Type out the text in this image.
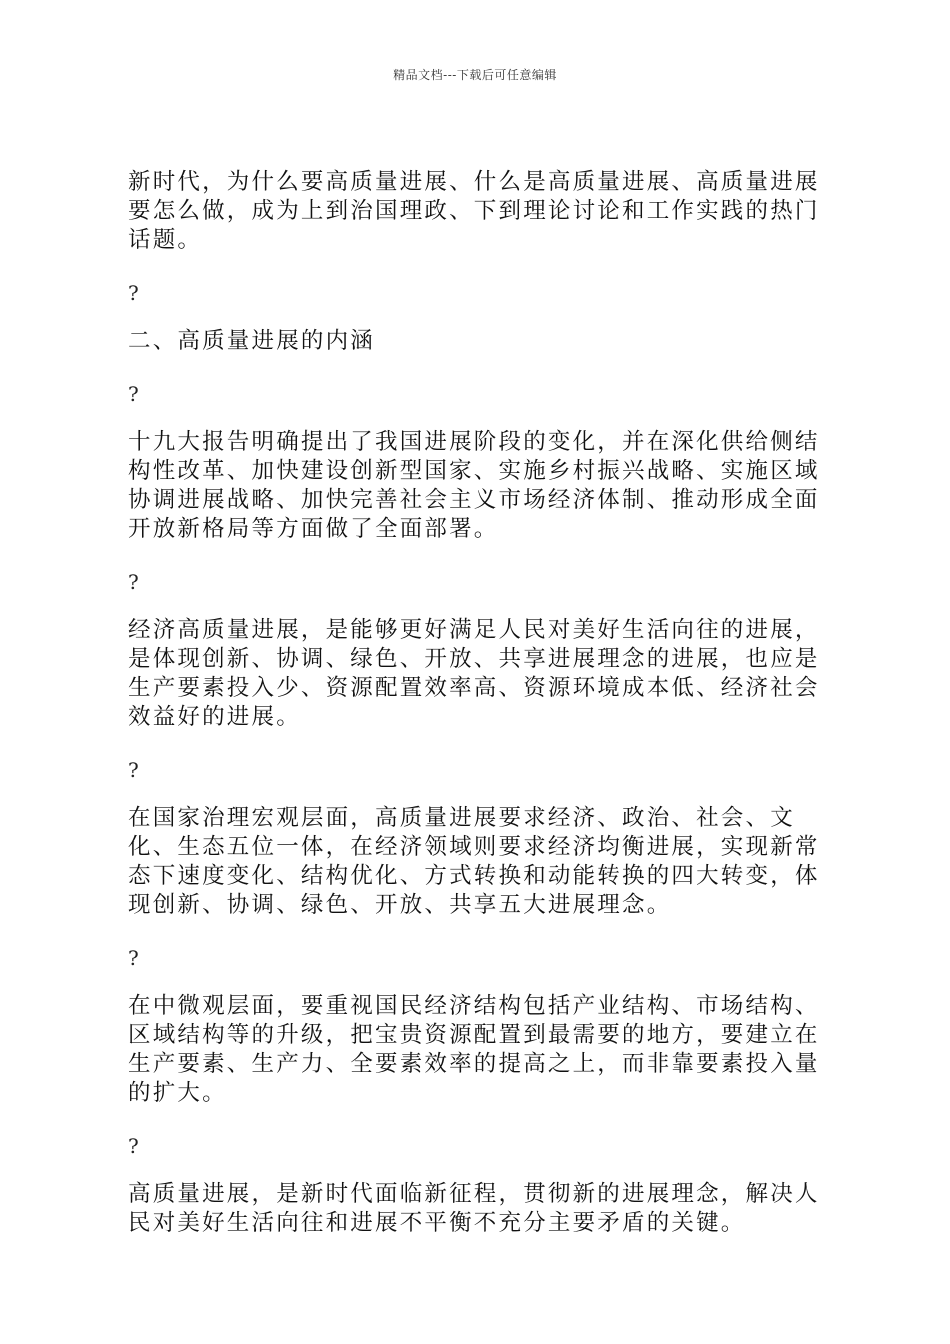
精品文档---下载后可任意编辑

新时代，为什么要高质量进展、什么是高质量进展、高质量进展要怎么做，成为上到治国理政、下到理论讨论和工作实践的热门话题。

?

二、高质量进展的内涵

?

十九大报告明确提出了我国进展阶段的变化，并在深化供给侧结构性改革、加快建设创新型国家、实施乡村振兴战略、实施区域协调进展战略、加快完善社会主义市场经济体制、推动形成全面开放新格局等方面做了全面部署。

?

经济高质量进展，是能够更好满足人民对美好生活向往的进展，是体现创新、协调、绿色、开放、共享进展理念的进展，也应是生产要素投入少、资源配置效率高、资源环境成本低、经济社会效益好的进展。

?

在国家治理宏观层面，高质量进展要求经济、政治、社会、文化、生态五位一体，在经济领域则要求经济均衡进展，实现新常态下速度变化、结构优化、方式转换和动能转换的四大转变，体现创新、协调、绿色、开放、共享五大进展理念。

?

在中微观层面，要重视国民经济结构包括产业结构、市场结构、区域结构等的升级，把宝贵资源配置到最需要的地方，要建立在生产要素、生产力、全要素效率的提高之上，而非靠要素投入量的扩大。

?

高质量进展，是新时代面临新征程，贯彻新的进展理念，解决人民对美好生活向往和进展不平衡不充分主要矛盾的关键。
